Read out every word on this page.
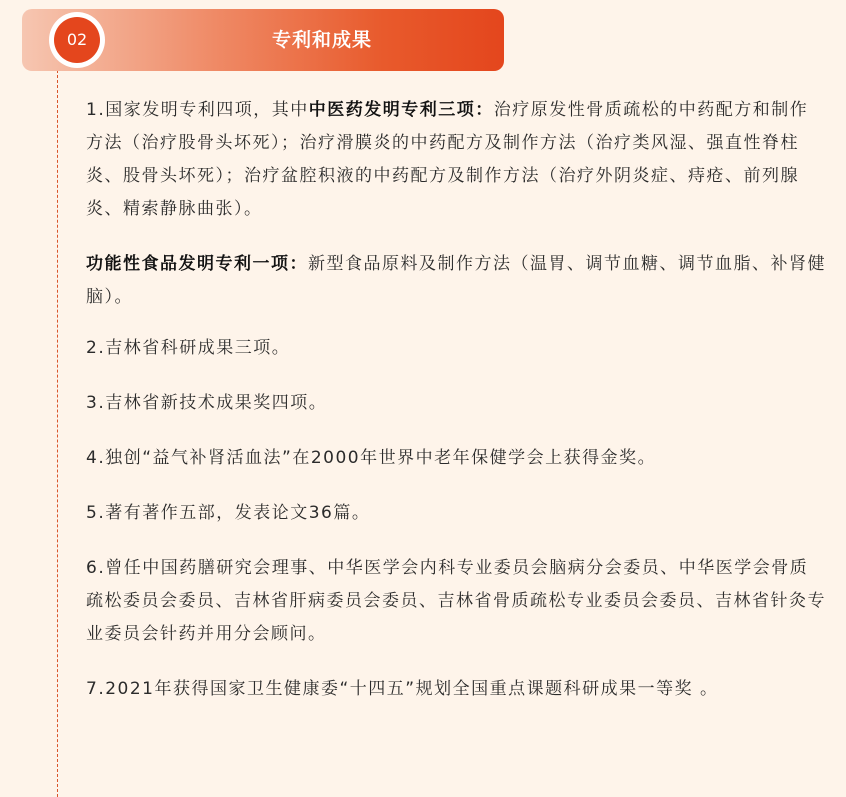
专利和成果
02

1.国家发明专利四项，其中中医药发明专利三项：治疗原发性骨质疏松的中药配方和制作方法（治疗股骨头坏死）；治疗滑膜炎的中药配方及制作方法（治疗类风湿、强直性脊柱炎、股骨头坏死）；治疗盆腔积液的中药配方及制作方法（治疗外阴炎症、痔疮、前列腺炎、精索静脉曲张）。

功能性食品发明专利一项：新型食品原料及制作方法（温胃、调节血糖、调节血脂、补肾健脑）。

2.吉林省科研成果三项。

3.吉林省新技术成果奖四项。

4.独创“益气补肾活血法”在2000年世界中老年保健学会上获得金奖。

5.著有著作五部，发表论文36篇。

6.曾任中国药膳研究会理事、中华医学会内科专业委员会脑病分会委员、中华医学会骨质疏松委员会委员、吉林省肝病委员会委员、吉林省骨质疏松专业委员会委员、吉林省针灸专业委员会针药并用分会顾问。

7.2021年获得国家卫生健康委“十四五”规划全国重点课题科研成果一等奖 。
